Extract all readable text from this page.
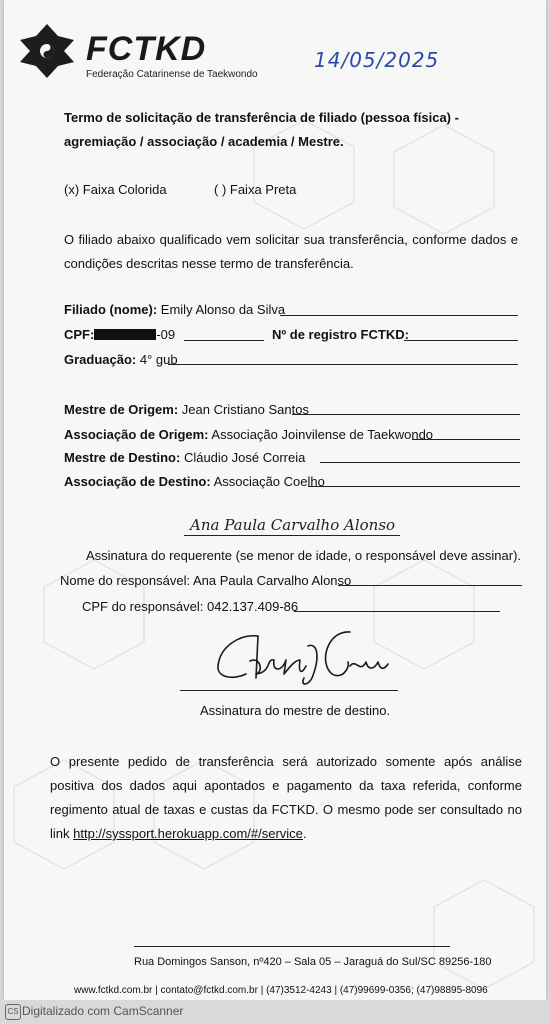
FCTKD
Federação Catarinense de Taekwondo
14/05/2025
Termo de solicitação de transferência de filiado (pessoa física) - agremiação / associação / academia / Mestre.
(x) Faixa Colorida	( ) Faixa Preta
O filiado abaixo qualificado vem solicitar sua transferência, conforme dados e condições descritas nesse termo de transferência.
Filiado (nome): Emily Alonso da Silva
CPF:	-09	Nº de registro FCTKD:
Graduação: 4° gub
Mestre de Origem: Jean Cristiano Santos
Associação de Origem: Associação Joinvilense de Taekwondo
Mestre de Destino: Cláudio José Correia
Associação de Destino: Associação Coelho
Ana Paula Carvalho Alonso
Assinatura do requerente (se menor de idade, o responsável deve assinar).
Nome do responsável: Ana Paula Carvalho Alonso
CPF do responsável: 042.137.409-86
Assinatura do mestre de destino.
O presente pedido de transferência será autorizado somente após análise positiva dos dados aqui apontados e pagamento da taxa referida, conforme regimento atual de taxas e custas da FCTKD. O mesmo pode ser consultado no link http://syssport.herokuapp.com/#/service.
Rua Domingos Sanson, nº420 – Sala 05 – Jaraguá do Sul/SC 89256-180
www.fctkd.com.br | contato@fctkd.com.br | (47)3512-4243 | (47)99699-0356; (47)98895-8096
CS Digitalizado com CamScanner
